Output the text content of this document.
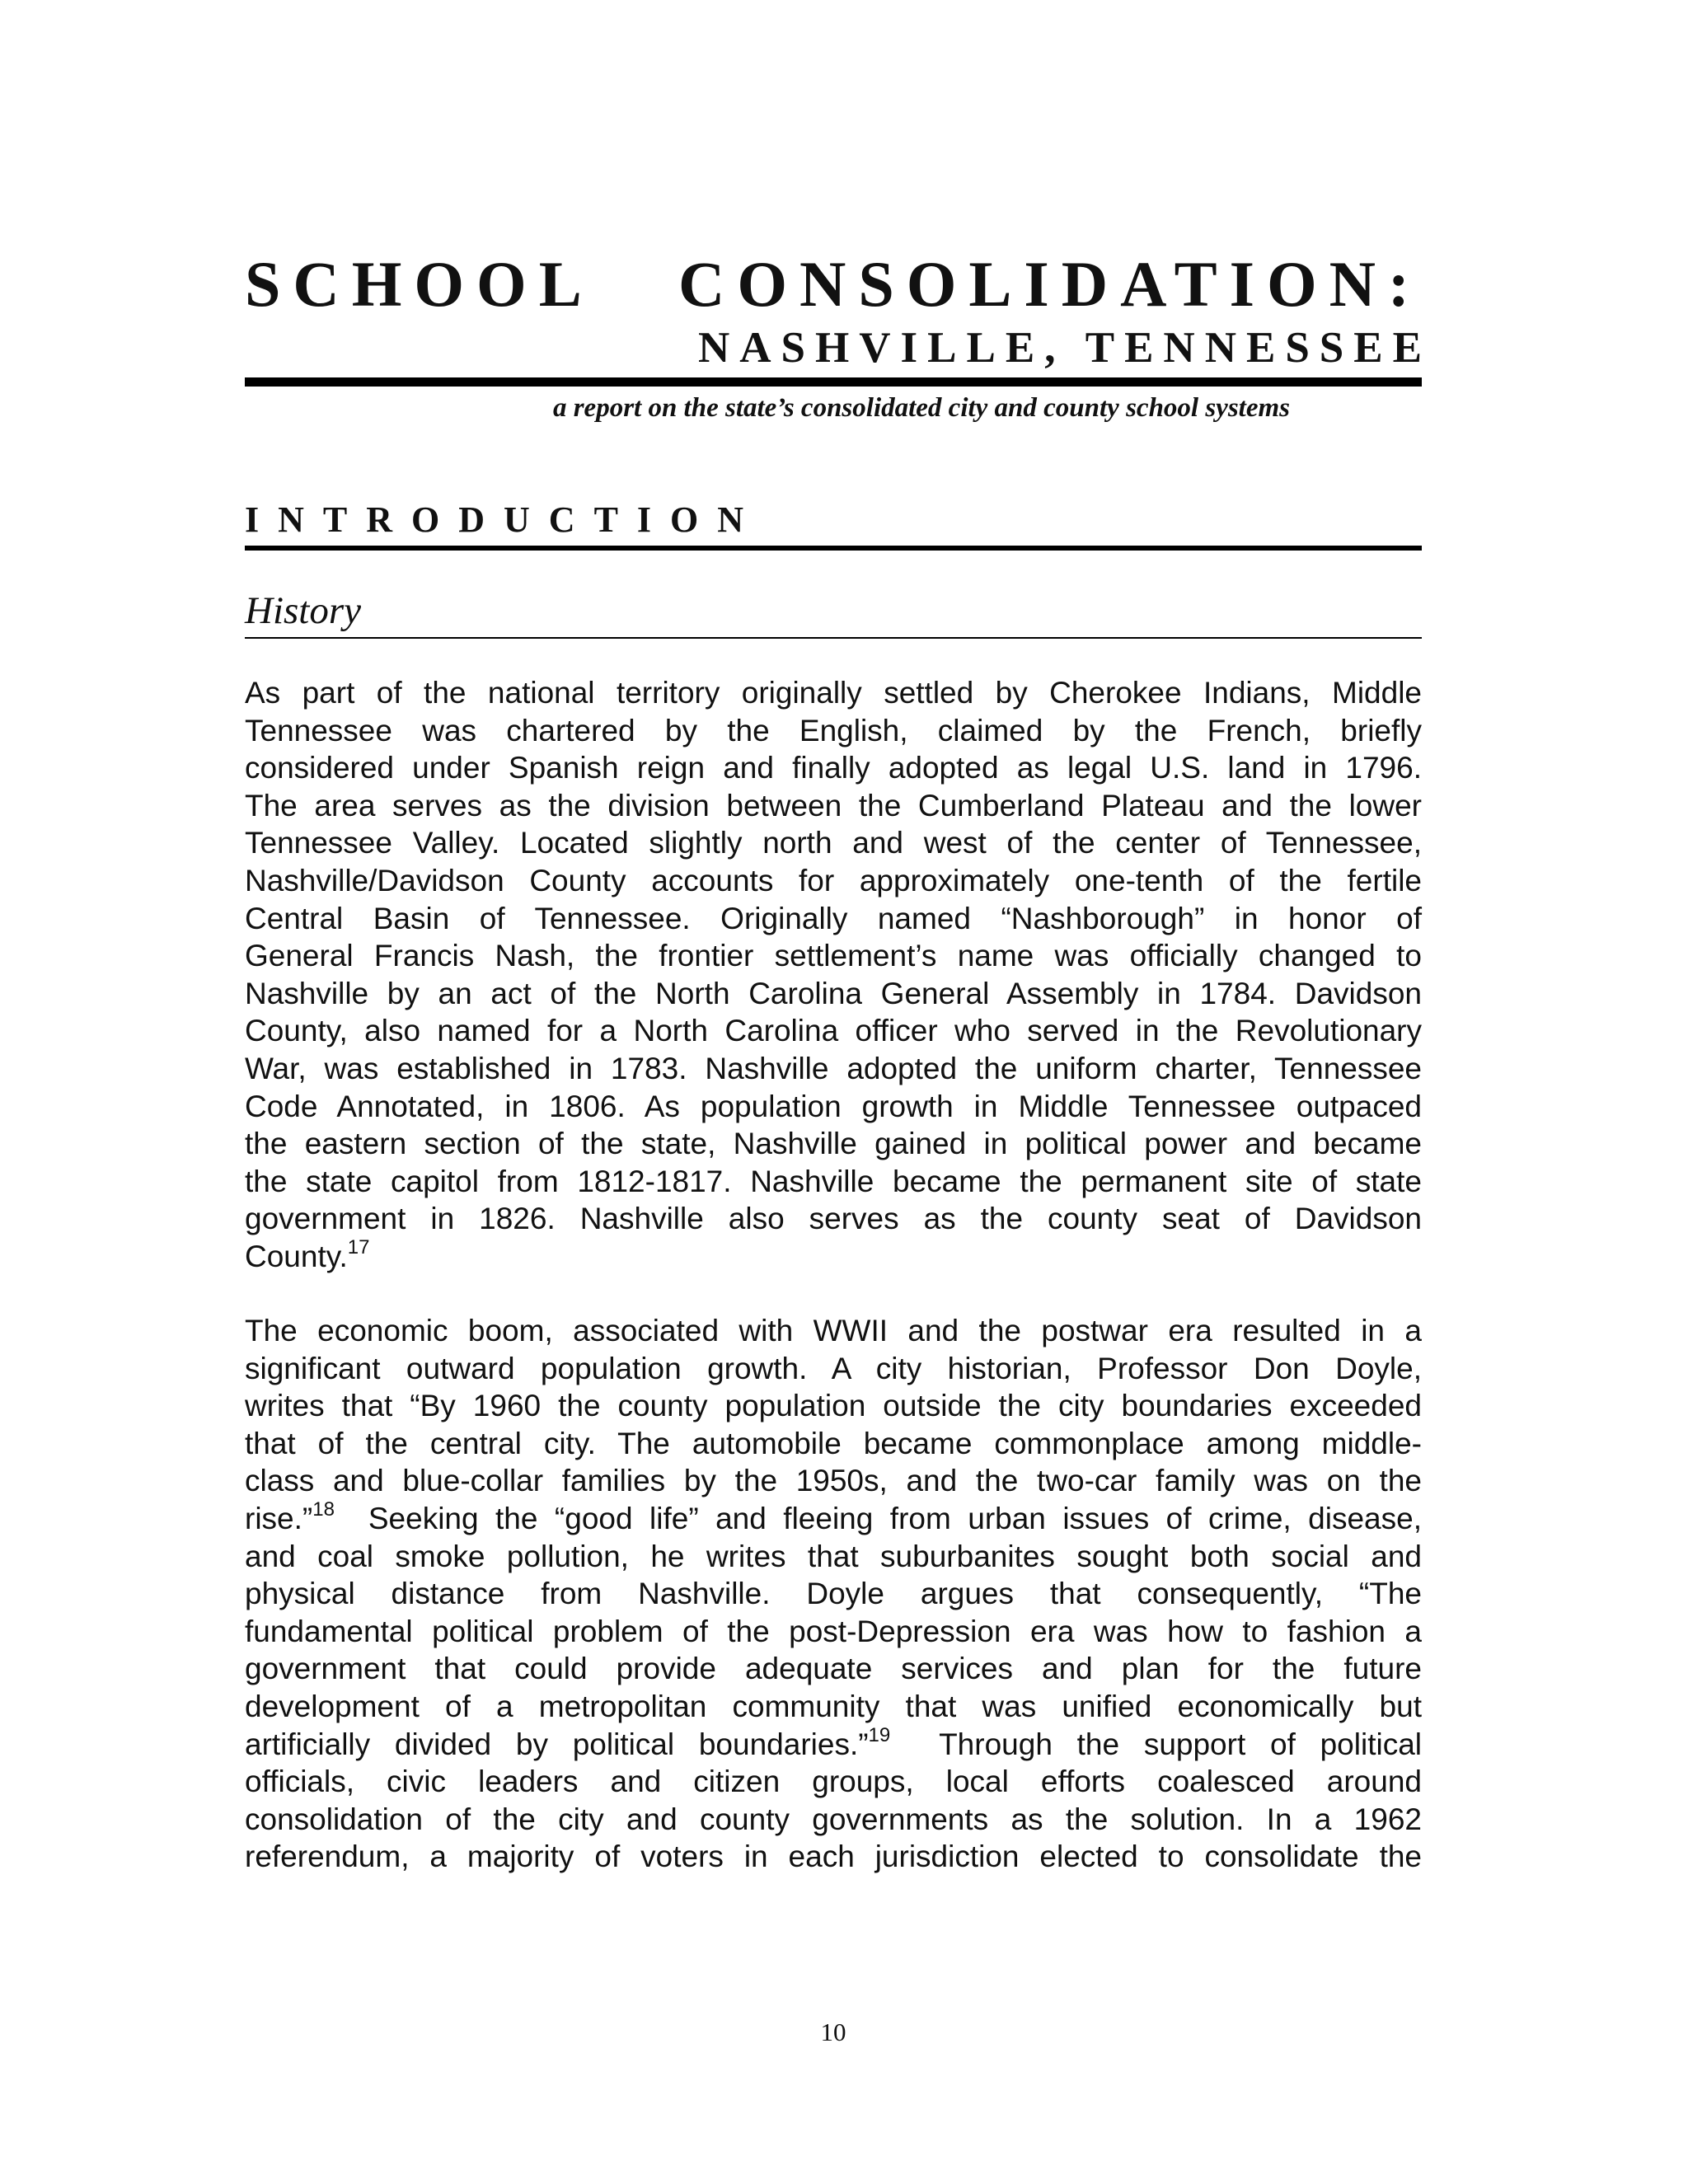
SCHOOL CONSOLIDATION:
NASHVILLE, TENNESSEE
a report on the state’s consolidated city and county school systems
INTRODUCTION
History
As part of the national territory originally settled by Cherokee Indians, Middle
Tennessee was chartered by the English, claimed by the French, briefly
considered under Spanish reign and finally adopted as legal U.S. land in 1796.
The area serves as the division between the Cumberland Plateau and the lower
Tennessee Valley. Located slightly north and west of the center of Tennessee,
Nashville/Davidson County accounts for approximately one-tenth of the fertile
Central Basin of Tennessee. Originally named “Nashborough” in honor of
General Francis Nash, the frontier settlement’s name was officially changed to
Nashville by an act of the North Carolina General Assembly in 1784. Davidson
County, also named for a North Carolina officer who served in the Revolutionary
War, was established in 1783. Nashville adopted the uniform charter, Tennessee
Code Annotated, in 1806. As population growth in Middle Tennessee outpaced
the eastern section of the state, Nashville gained in political power and became
the state capitol from 1812-1817. Nashville became the permanent site of state
government in 1826. Nashville also serves as the county seat of Davidson
County.$^{17}$
The economic boom, associated with WWII and the postwar era resulted in a
significant outward population growth. A city historian, Professor Don Doyle,
writes that “By 1960 the county population outside the city boundaries exceeded
that of the central city. The automobile became commonplace among middle-
class and blue-collar families by the 1950s, and the two-car family was on the
rise.”$^{18}$  Seeking the “good life” and fleeing from urban issues of crime, disease,
and coal smoke pollution, he writes that suburbanites sought both social and
physical distance from Nashville. Doyle argues that consequently, “The
fundamental political problem of the post-Depression era was how to fashion a
government that could provide adequate services and plan for the future
development of a metropolitan community that was unified economically but
artificially divided by political boundaries.”$^{19}$  Through the support of political
officials, civic leaders and citizen groups, local efforts coalesced around
consolidation of the city and county governments as the solution. In a 1962
referendum, a majority of voters in each jurisdiction elected to consolidate the
10
